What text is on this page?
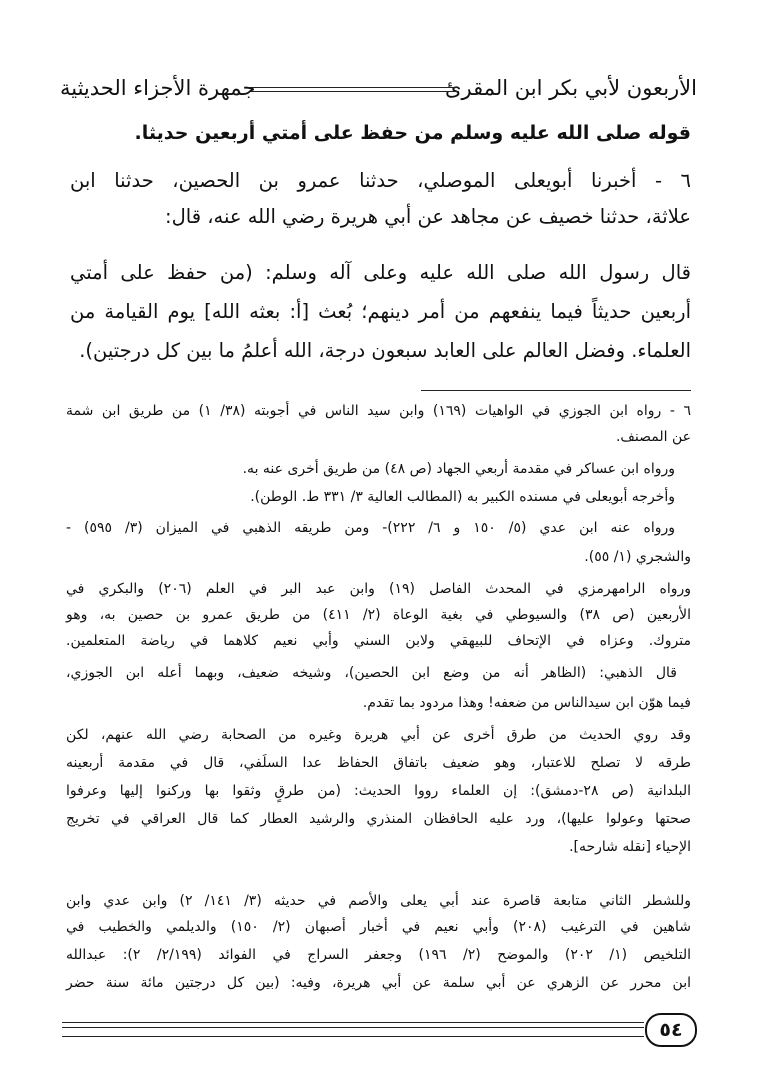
الأربعون لأبي بكر ابن المقرئ
جمهرة الأجزاء الحديثية
قوله صلى الله عليه وسلم من حفظ على أمتي أربعين حديثا.
٦ - أخبرنا أبويعلى الموصلي، حدثنا عمرو بن الحصين، حدثنا ابن
علاثة، حدثنا خصيف عن مجاهد عن أبي هريرة رضي الله عنه، قال:
قال رسول الله صلى الله عليه وعلى آله وسلم: (من حفظ على أمتي
أربعين حديثاً فيما ينفعهم من أمر دينهم؛ بُعث [أ: بعثه الله] يوم القيامة من
العلماء. وفضل العالم على العابد سبعون درجة، الله أعلمُ ما بين كل درجتين).
٦ - رواه ابن الجوزي في الواهيات (١٦٩) وابن سيد الناس في أجوبته (٣٨/ ١) من طريق ابن شمة
عن المصنف.
ورواه ابن عساكر في مقدمة أربعي الجهاد (ص ٤٨) من طريق أخرى عنه به.
وأخرجه أبويعلى في مسنده الكبير به (المطالب العالية ٣/ ٣٣١ ط. الوطن).
ورواه عنه ابن عدي (٥/ ١٥٠ و ٦/ ٢٢٢)- ومن طريقه الذهبي في الميزان (٣/ ٥٩٥) -
والشجري (١/ ٥٥).
ورواه الرامهرمزي في المحدث الفاصل (١٩) وابن عبد البر في العلم (٢٠٦) والبكري في
الأربعين (ص ٣٨) والسيوطي في بغية الوعاة (٢/ ٤١١) من طريق عمرو بن حصين به، وهو
متروك. وعزاه في الإتحاف للبيهقي ولابن السني وأبي نعيم كلاهما في رياضة المتعلمين.
قال الذهبي: (الظاهر أنه من وضع ابن الحصين)، وشيخه ضعيف، وبهما أعله ابن الجوزي،
فيما هوّن ابن سيدالناس من ضعفه! وهذا مردود بما تقدم.
وقد روي الحديث من طرق أخرى عن أبي هريرة وغيره من الصحابة رضي الله عنهم، لكن
طرقه لا تصلح للاعتبار، وهو ضعيف باتفاق الحفاظ عدا السلَفي، قال في مقدمة أربعينه
البلدانية (ص ٢٨-دمشق): إن العلماء رووا الحديث: (من طرقٍ وثقوا بها وركنوا إليها وعرفوا
صحتها وعولوا عليها)، ورد عليه الحافظان المنذري والرشيد العطار كما قال العراقي في تخريج
الإحياء [نقله شارحه].
وللشطر الثاني متابعة قاصرة عند أبي يعلى والأصم في حديثه (٣/ ١٤١/ ٢) وابن عدي وابن
شاهين في الترغيب (٢٠٨) وأبي نعيم في أخبار أصبهان (٢/ ١٥٠) والديلمي والخطيب في
التلخيص (١/ ٢٠٢) والموضح (٢/ ١٩٦) وجعفر السراج في الفوائد (٢/١٩٩/ ٢): عبدالله
ابن محرر عن الزهري عن أبي سلمة عن أبي هريرة، وفيه: (بين كل درجتين مائة سنة حضر
٥٤
